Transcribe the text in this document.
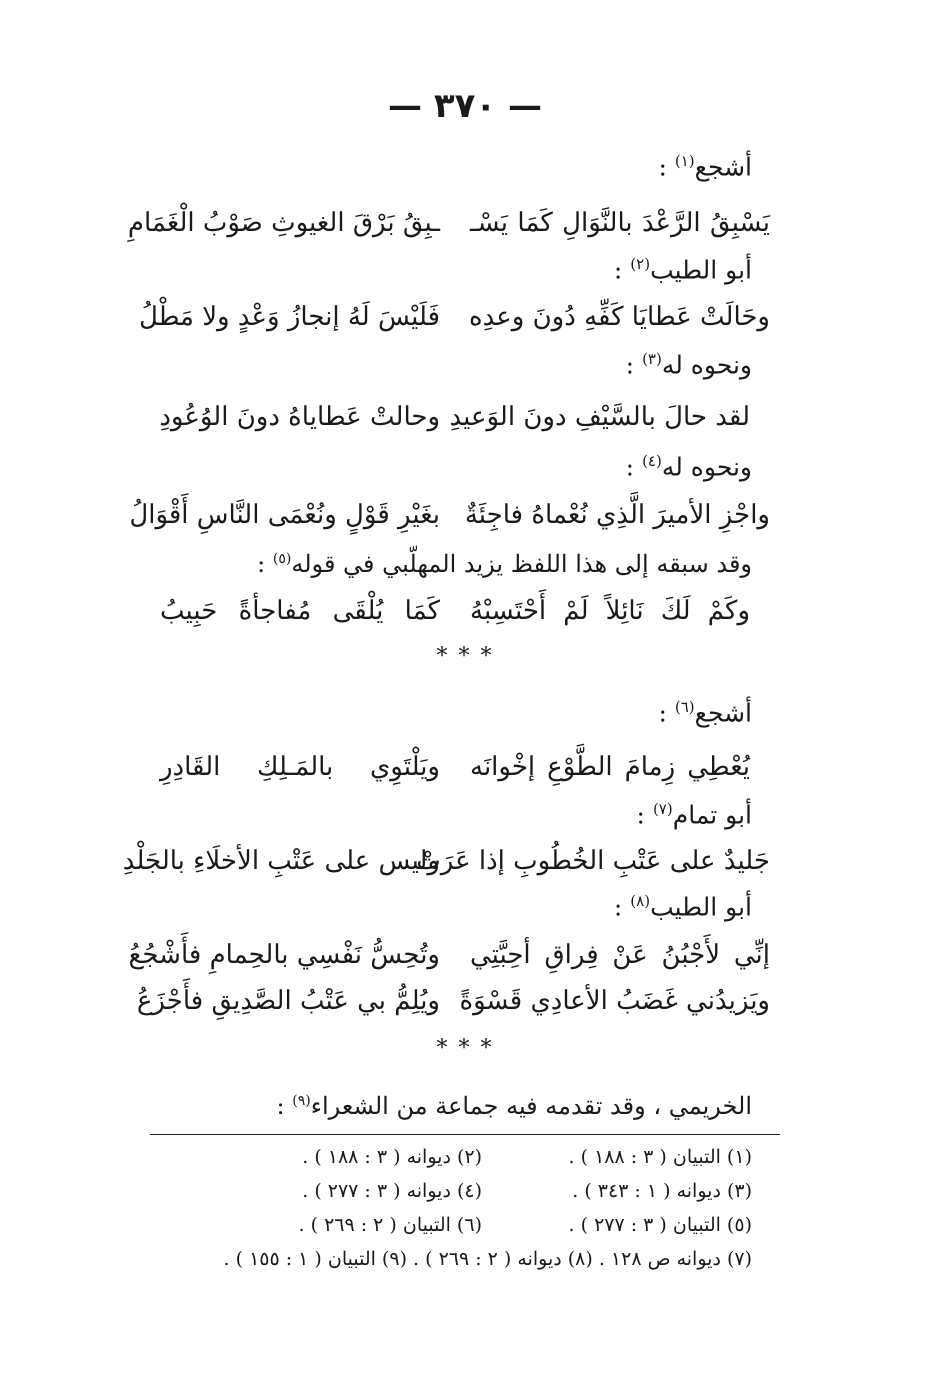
— ٣٧٠ —
أشجع$^{(١)}$ :
يَسْبِقُ الرَّعْدَ بالنَّوَالِ كَمَا يَسْـ
ـبِقُ بَرْقَ الغيوثِ صَوْبُ الْغَمَامِ
أبو الطيب$^{(٢)}$ :
وحَالَتْ عَطايَا كَفِّهِ دُونَ وعدِه
فَلَيْسَ لَهُ إنجازُ وَعْدٍ ولا مَطْلُ
ونحوه له$^{(٣)}$ :
لقد حالَ بالسَّيْفِ دونَ الوَعيدِ
وحالتْ عَطاياهُ دونَ الوُعُودِ
ونحوه له$^{(٤)}$ :
واجْزِ الأميرَ الَّذِي نُعْماهُ فاجِئَةٌ
بغَيْرِ قَوْلٍ ونُعْمَى النَّاسِ أَقْوَالُ
وقد سبقه إلى هذا اللفظ يزيد المهلّبي في قوله$^{(٥)}$ :
وكَمْ لَكَ نَائِلاً لَمْ أَحْتَسِبْهُ
كَمَا يُلْقَى مُفاجأةً حَبِيبُ
* * *
أشجع$^{(٦)}$ :
يُعْطِي زِمامَ الطَّوْعِ إخْوانَه
ويَلْتَوِي بالمَـلِكِ القَادِرِ
أبو تمام$^{(٧)}$ :
جَليدٌ على عَتْبِ الخُطُوبِ إذا عَرَتْ
وليس على عَتْبِ الأخلَاءِ بالجَلْدِ
أبو الطيب$^{(٨)}$ :
إنِّي لأَجْبُنُ عَنْ فِراقِ أحِبَّتِي
وتُحِسُّ نَفْسِي بالحِمامِ فأَشْجُعُ
ويَزيدُني غَضَبُ الأعادِي قَسْوَةً
ويُلِمُّ بي عَتْبُ الصَّدِيقِ فأَجْزَعُ
* * *
الخريمي ، وقد تقدمه فيه جماعة من الشعراء$^{(٩)}$ :
(١) التبيان ( ٣ : ١٨٨ ) .
(٢) ديوانه ( ٣ : ١٨٨ ) .
(٣) ديوانه ( ١ : ٣٤٣ ) .
(٤) ديوانه ( ٣ : ٢٧٧ ) .
(٥) التبيان ( ٣ : ٢٧٧ ) .
(٦) التبيان ( ٢ : ٢٦٩ ) .
(٧) ديوانه ص ١٢٨ . (٨) ديوانه ( ٢ : ٢٦٩ ) . (٩) التبيان ( ١ : ١٥٥ ) .
